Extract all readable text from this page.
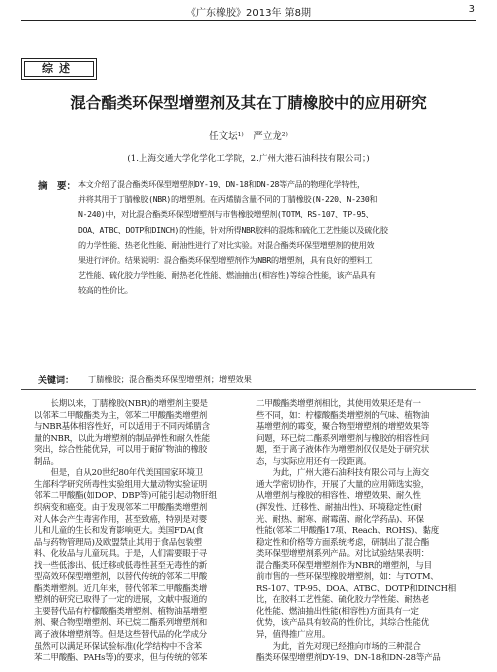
《广东橡胶》2013年 第8期	3
综述
混合酯类环保型增塑剂及其在丁腈橡胶中的应用研究
任文坛¹⁾　严立龙²⁾
(1.上海交通大学化学化工学院，2.广州大港石油科技有限公司；)
摘　要： 本文介绍了混合酯类环保型增塑剂DY-19、DN-18和DN-28等产品的物理化学特性，
并将其用于丁腈橡胶(NBR)的增塑剂。在丙烯腈含量不同的丁腈橡胶(N-220、N-230和
N-240)中，对比混合酯类环保型增塑剂与市售橡胶增塑剂(TOTM、RS-107、TP-95、
DOA、ATBC、DOTP和DINCH)的性能，针对所得NBR胶料的混炼和硫化工艺性能以及硫化胶
的力学性能、热老化性能、耐油性进行了对比实验。对混合酯类环保型增塑剂的使用效
果进行评价。结果说明：混合酯类环保型增塑剂作为NBR的增塑剂，具有良好的塑料工
艺性能、硫化胶力学性能、耐热老化性能、燃油抽出(相容性)等综合性能，该产品具有
较高的性价比。
关键词： 丁腈橡胶；混合酯类环保型增塑剂；增塑效果
　　长期以来，丁腈橡胶(NBR)的增塑剂主要是
以邻苯二甲酸酯类为主，邻苯二甲酸酯类增塑剂
与NBR基体相容性好，可以适用于不同丙烯腈含
量的NBR，以此为增塑剂的制品弹性和耐久性能
突出，综合性能优异，可以用于耐矿物油的橡胶
制品。
　　但是，自从20世纪80年代美国国家环境卫
生部科学研究所毒性实验组用大量动物实验证明
邻苯二甲酸酯(如DOP、DBP等)可能引起动物肝组
织病变和癌变。由于发现邻苯二甲酸酯类增塑剂
对人体会产生毒害作用，甚至致癌，特别是对婴
儿和儿童的生长和发育影响更大。美国FDA(食
品与药物管理局)及欧盟禁止其用于食品包装塑
料、化妆品与儿童玩具。于是，人们需要眼于寻
找一些低渗出、低迁移或低毒性甚至无毒性的新
型高效环保型增塑剂，以替代传统的邻苯二甲酸
酯类增塑剂。近几年来，替代邻苯二甲酸酯类增
塑剂的研究已取得了一定的进展，文献中报道的
主要替代品有柠檬酸酯类增塑剂、植物油基增塑
剂、聚合物型增塑剂、环已烷二酯系列增塑剂和
离子液体增塑剂等。但是这些替代品的化学成分
虽然可以满足环保试验标准(化学结构中不含苯
苯二甲酸酯、PAHs等)的要求，但与传统的邻苯
二甲酸酯类增塑剂相比，其使用效果还是有一
些不同，如：柠檬酸酯类增塑剂的气味、植物油
基增塑剂的霉变，聚合物型增塑剂的增塑效果等
问题，环已烷二酯系列增塑剂与橡胶的相容性问
题，至于离子液体作为增塑剂仅仅是处于研究状
态，与实际应用还有一段距离。
　　为此，广州大港石油科技有限公司与上海交
通大学密切协作，开展了大量的应用筛选实验，
从增塑剂与橡胶的相容性、增塑效果、耐久性
(挥发性、迁移性、耐抽出性)、环境稳定性(耐
光、耐热、耐寒、耐霉菌、耐化学药品)、环保
性能(邻苯二甲酸酯17项、Reach、ROHS)、黏度
稳定性和价格等方面系统考虑，研制出了混合酯
类环保型增塑剂系列产品。对比试验结果表明：
混合酯类环保型增塑剂作为NBR的增塑剂，与目
前市售的一些环保型橡胶增塑剂，如：与TOTM、
RS-107、TP-95、DOA、ATBC、DOTP和DINCH相
比，在胶料工艺性能、硫化胶力学性能、耐热老
化性能、燃油抽出性能(相容性)方面具有一定
优势，该产品具有较高的性价比，其综合性能优
异，值得推广应用。
　　为此，首先对现已经推向市场的三种混合
酯类环保型增塑剂DY-19、DN-18和DN-28等产品
